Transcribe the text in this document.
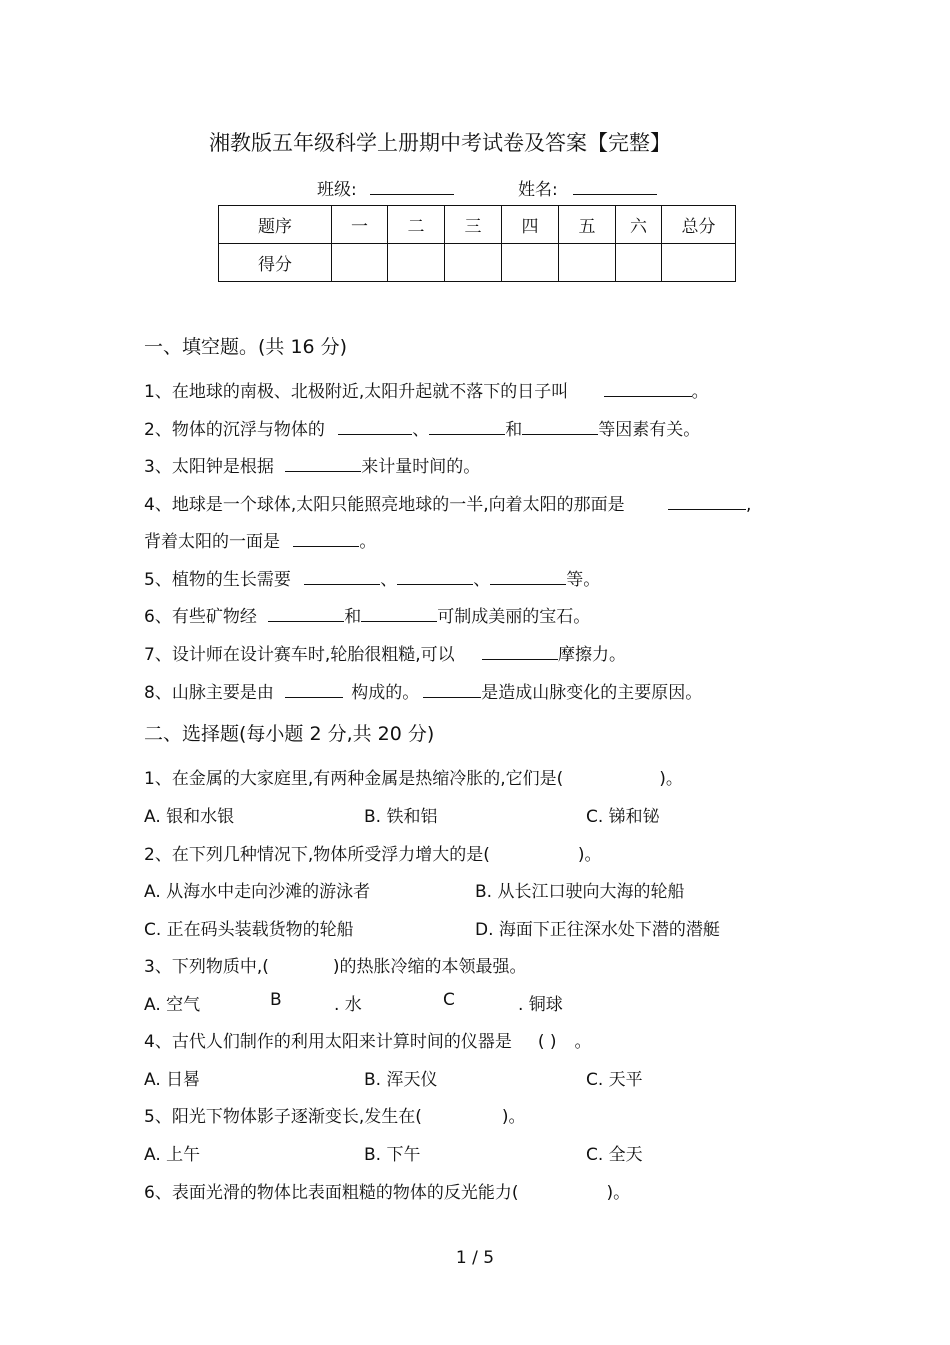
湘教版五年级科学上册期中考试卷及答案【完整】
班级:	姓名:
题序	一	二	三	四	五	六	总分
得分							
一、填空题。(共 16 分)
1、在地球的南极、北极附近,太阳升起就不落下的日子叫	。
2、物体的沉浮与物体的	、	和	等因素有关。
3、太阳钟是根据	来计量时间的。
4、地球是一个球体,太阳只能照亮地球的一半,向着太阳的那面是	,
背着太阳的一面是	。
5、植物的生长需要	、	、	等。
6、有些矿物经	和	可制成美丽的宝石。
7、设计师在设计赛车时,轮胎很粗糙,可以	摩擦力。
8、山脉主要是由	构成的。	是造成山脉变化的主要原因。
二、选择题(每小题 2 分,共 20 分)
1、在金属的大家庭里,有两种金属是热缩冷胀的,它们是(	)。
A. 银和水银	B. 铁和铝	C. 锑和铋
2、在下列几种情况下,物体所受浮力增大的是(	)。
A. 从海水中走向沙滩的游泳者	B. 从长江口驶向大海的轮船
C. 正在码头装载货物的轮船	D. 海面下正往深水处下潜的潜艇
3、下列物质中,(	)的热胀冷缩的本领最强。
A. 空气	B	. 水	C	. 铜球
4、古代人们制作的利用太阳来计算时间的仪器是 ( ) 。
A. 日晷	B. 浑天仪	C. 天平
5、阳光下物体影子逐渐变长,发生在(	)。
A. 上午	B. 下午	C. 全天
6、表面光滑的物体比表面粗糙的物体的反光能力(	)。
1 / 5
